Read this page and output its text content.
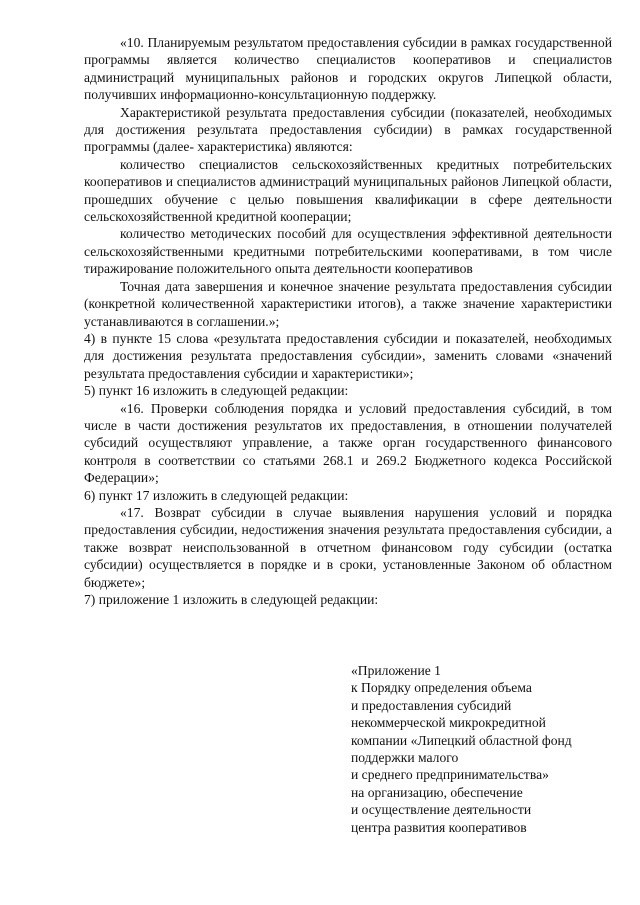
«10. Планируемым результатом предоставления субсидии в рамках государственной программы является количество специалистов кооперативов и специалистов администраций муниципальных районов и городских округов Липецкой области, получивших информационно-консультационную поддержку.

Характеристикой результата предоставления субсидии (показателей, необходимых для достижения результата предоставления субсидии) в рамках государственной программы (далее- характеристика) являются:

количество специалистов сельскохозяйственных кредитных потребительских кооперативов и специалистов администраций муниципальных районов Липецкой области, прошедших обучение с целью повышения квалификации в сфере деятельности сельскохозяйственной кредитной кооперации;

количество методических пособий для осуществления эффективной деятельности сельскохозяйственными кредитными потребительскими кооперативами, в том числе тиражирование положительного опыта деятельности кооперативов

Точная дата завершения и конечное значение результата предоставления субсидии (конкретной количественной характеристики итогов), а также значение характеристики устанавливаются в соглашении.»;

4) в пункте 15 слова «результата предоставления субсидии и показателей, необходимых для достижения результата предоставления субсидии», заменить словами «значений результата предоставления субсидии и характеристики»;

5) пункт 16 изложить в следующей редакции:

«16. Проверки соблюдения порядка и условий предоставления субсидий, в том числе в части достижения результатов их предоставления, в отношении получателей субсидий осуществляют управление, а также орган государственного финансового контроля в соответствии со статьями 268.1 и 269.2 Бюджетного кодекса Российской Федерации»;

6) пункт 17 изложить в следующей редакции:

«17. Возврат субсидии в случае выявления нарушения условий и порядка предоставления субсидии, недостижения значения результата предоставления субсидии, а также возврат неиспользованной в отчетном финансовом году субсидии (остатка субсидии) осуществляется в порядке и в сроки, установленные Законом об областном бюджете»;

7) приложение 1 изложить в следующей редакции:

«Приложение 1
к Порядку определения объема
и предоставления субсидий
некоммерческой микрокредитной
компании «Липецкий областной фонд
поддержки малого
и среднего предпринимательства»
на организацию, обеспечение
и осуществление деятельности
центра развития кооперативов
